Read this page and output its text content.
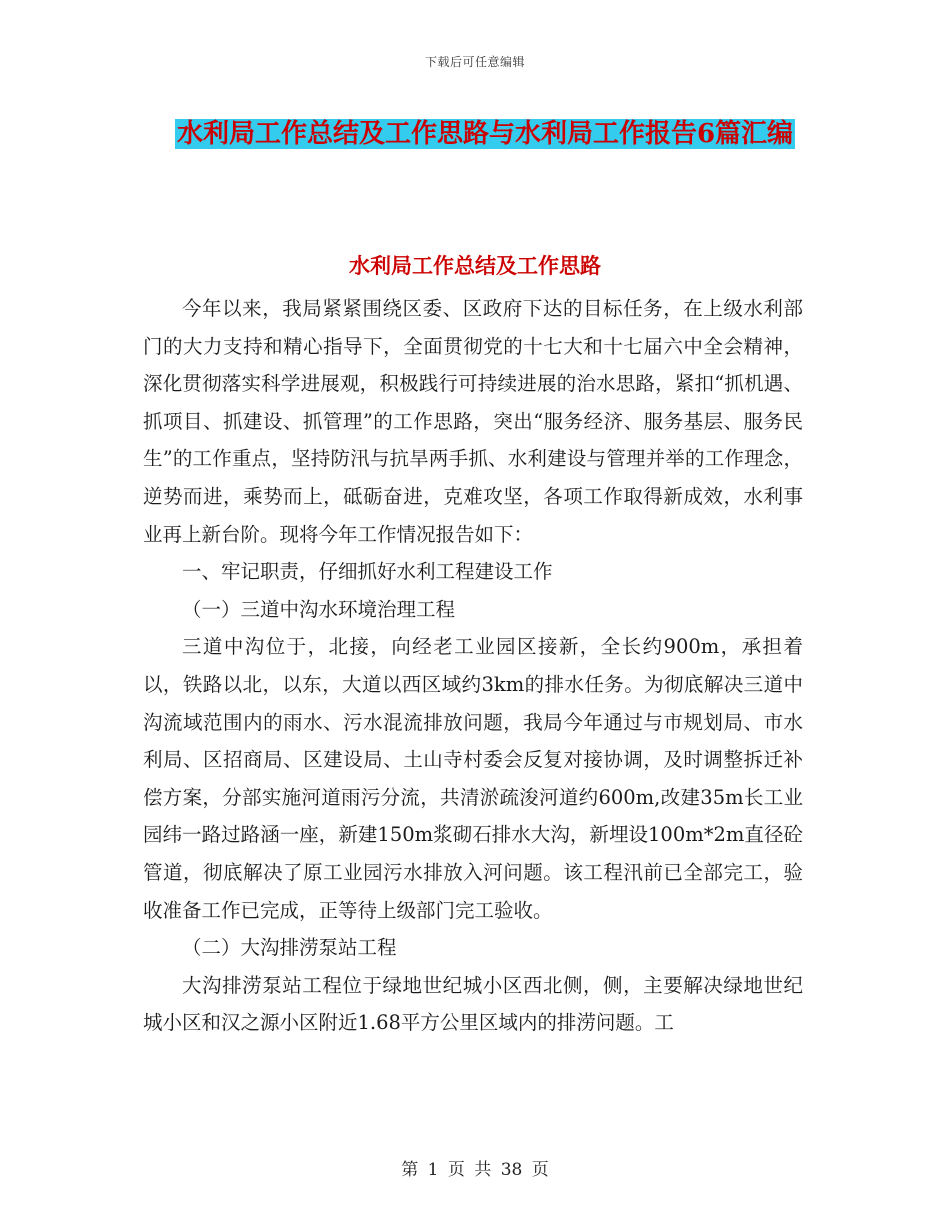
下载后可任意编辑
水利局工作总结及工作思路与水利局工作报告6篇汇编
水利局工作总结及工作思路

今年以来，我局紧紧围绕区委、区政府下达的目标任务，在上级水利部门的大力支持和精心指导下，全面贯彻党的十七大和十七届六中全会精神，深化贯彻落实科学进展观，积极践行可持续进展的治水思路，紧扣“抓机遇、抓项目、抓建设、抓管理”的工作思路，突出“服务经济、服务基层、服务民生”的工作重点，坚持防汛与抗旱两手抓、水利建设与管理并举的工作理念，逆势而进，乘势而上，砥砺奋进，克难攻坚，各项工作取得新成效，水利事业再上新台阶。现将今年工作情况报告如下：

一、牢记职责，仔细抓好水利工程建设工作

（一）三道中沟水环境治理工程

三道中沟位于，北接，向经老工业园区接新，全长约900m，承担着以，铁路以北，以东，大道以西区域约3km的排水任务。为彻底解决三道中沟流域范围内的雨水、污水混流排放问题，我局今年通过与市规划局、市水利局、区招商局、区建设局、土山寺村委会反复对接协调，及时调整拆迁补偿方案，分部实施河道雨污分流，共清淤疏浚河道约600m,改建35m长工业园纬一路过路涵一座，新建150m浆砌石排水大沟，新埋设100m*2m直径砼管道，彻底解决了原工业园污水排放入河问题。该工程汛前已全部完工，验收准备工作已完成，正等待上级部门完工验收。

（二）大沟排涝泵站工程

大沟排涝泵站工程位于绿地世纪城小区西北侧，侧，主要解决绿地世纪城小区和汉之源小区附近1.68平方公里区域内的排涝问题。工

第 1 页 共 38 页
